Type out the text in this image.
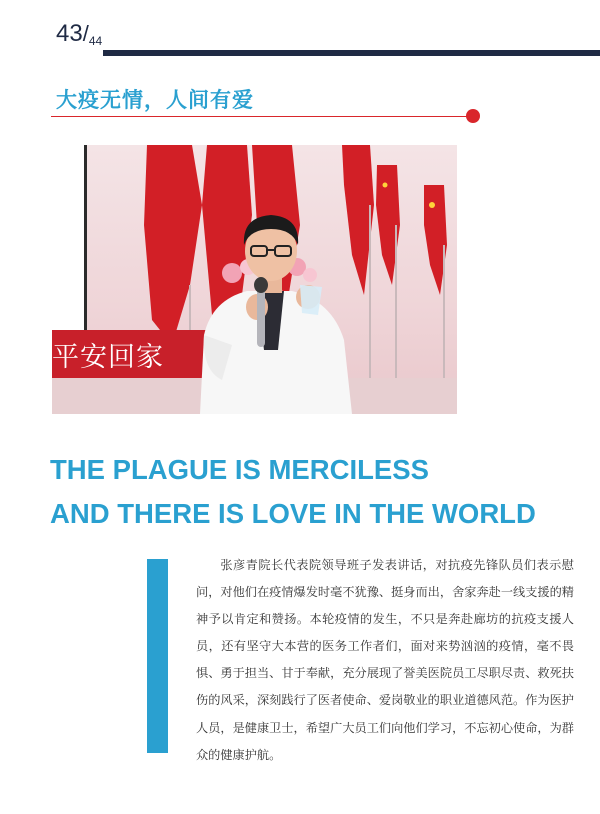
$43/_{44}$
大疫无情，人间有爱
平安回家
THE PLAGUE IS MERCILESS
AND THERE IS LOVE IN THE WORLD
张彦青院长代表院领导班子发表讲话，对抗疫先锋队员们表示慰问，对他们在疫情爆发时毫不犹豫、挺身而出，舍家奔赴一线支援的精神予以肯定和赞扬。本轮疫情的发生，不只是奔赴廊坊的抗疫支援人员，还有坚守大本营的医务工作者们，面对来势汹汹的疫情，毫不畏惧、勇于担当、甘于奉献，充分展现了誉美医院员工尽职尽责、救死扶伤的风采，深刻践行了医者使命、爱岗敬业的职业道德风范。作为医护人员，是健康卫士，希望广大员工们向他们学习，不忘初心使命，为群众的健康护航。
